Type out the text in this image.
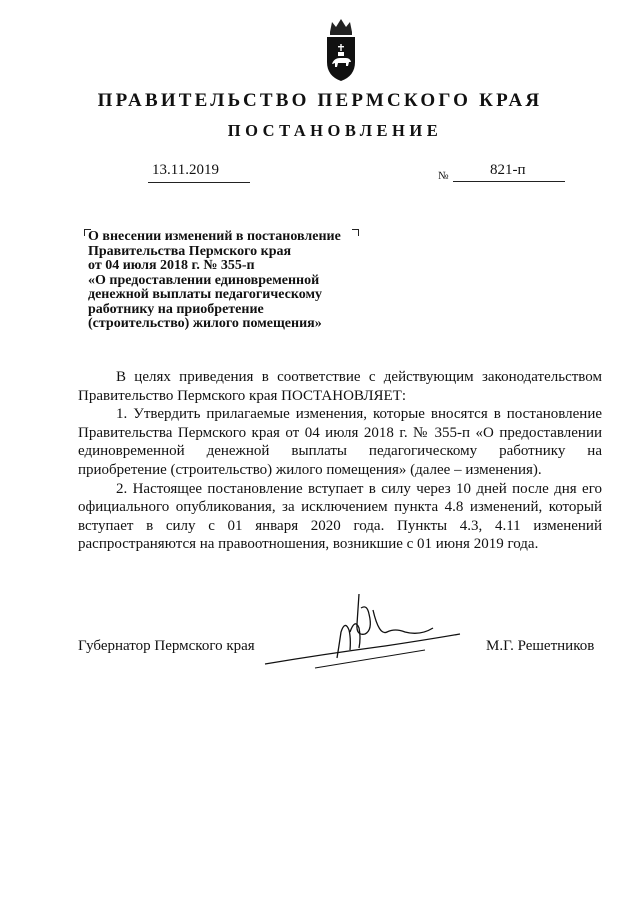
ПРАВИТЕЛЬСТВО ПЕРМСКОГО КРАЯ
ПОСТАНОВЛЕНИЕ
13.11.2019	№	821-п
О внесении изменений в постановление
Правительства Пермского края
от 04 июля 2018 г. № 355-п
«О предоставлении единовременной
денежной выплаты педагогическому
работнику на приобретение
(строительство) жилого помещения»

В целях приведения в соответствие с действующим законодательством Правительство Пермского края ПОСТАНОВЛЯЕТ:

1. Утвердить прилагаемые изменения, которые вносятся в постановление Правительства Пермского края от 04 июля 2018 г. № 355-п «О предоставлении единовременной денежной выплаты педагогическому работнику на приобретение (строительство) жилого помещения» (далее – изменения).

2. Настоящее постановление вступает в силу через 10 дней после дня его официального опубликования, за исключением пункта 4.8 изменений, который вступает в силу с 01 января 2020 года. Пункты 4.3, 4.11 изменений распространяются на правоотношения, возникшие с 01 июня 2019 года.

Губернатор Пермского края	М.Г. Решетников
